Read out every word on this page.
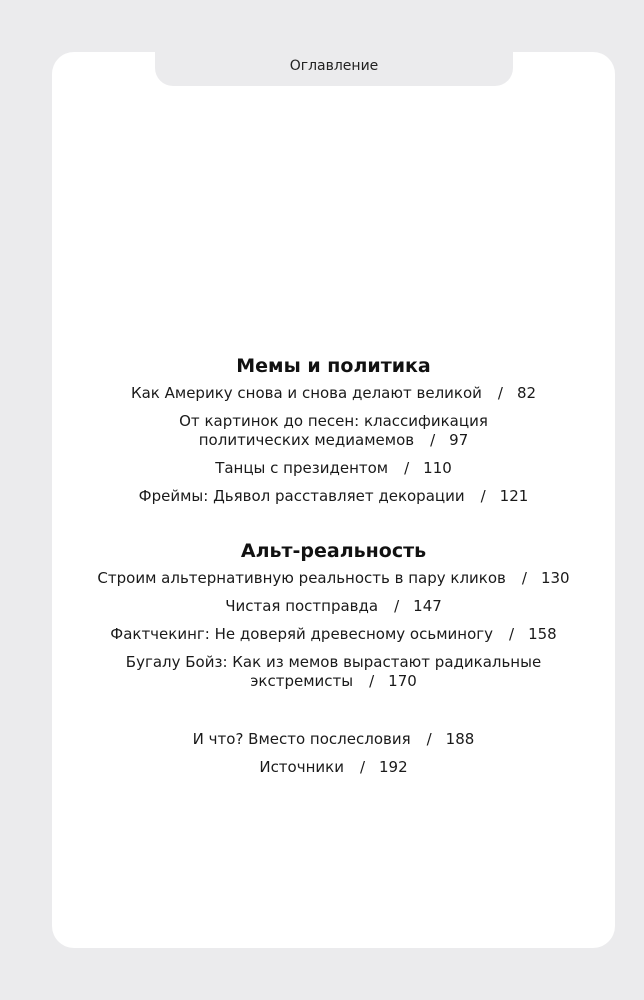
Оглавление
Мемы и политика
Как Америку снова и снова делают великой / 82
От картинок до песен: классификация
политических медиамемов / 97
Танцы с президентом / 110
Фреймы: Дьявол расставляет декорации / 121
Альт-реальность
Строим альтернативную реальность в пару кликов / 130
Чистая постправда / 147
Фактчекинг: Не доверяй древесному осьминогу / 158
Бугалу Бойз: Как из мемов вырастают радикальные
экстремисты / 170
И что? Вместо послесловия / 188
Источники / 192
